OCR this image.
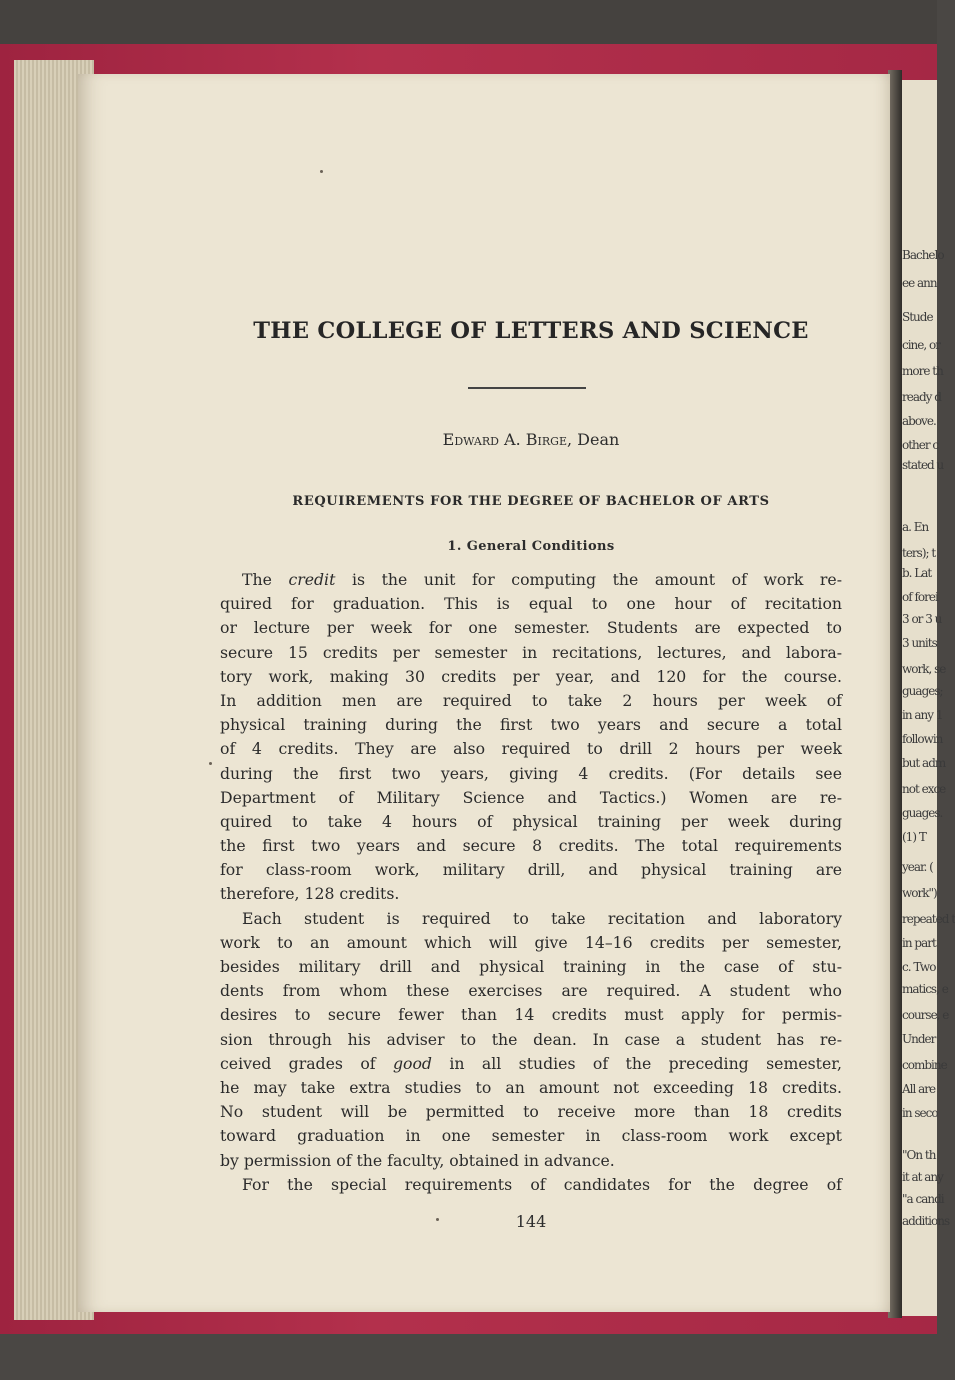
Bachelo
ee ann
Stude
cine, or
more th
ready d
above.
other c
stated u
a. En
ters); t
b. Lat
of forei
3 or 3 u
3 units
work, se
guages;
in any 1
followin
but adm
not exce
guages.
(1) T
year. (
work")
repeated t
in part
c. Two
matics, e
course, e
Under
combine
All are
in seco
"On th
it at any
"a candi
additions
THE COLLEGE OF LETTERS AND SCIENCE
Edward A. Birge, Dean
REQUIREMENTS FOR THE DEGREE OF BACHELOR OF ARTS
1. General Conditions
The credit is the unit for computing the amount of work re-
quired for graduation. This is equal to one hour of recitation
or lecture per week for one semester. Students are expected to
secure 15 credits per semester in recitations, lectures, and labora-
tory work, making 30 credits per year, and 120 for the course.
In addition men are required to take 2 hours per week of
physical training during the first two years and secure a total
of 4 credits. They are also required to drill 2 hours per week
during the first two years, giving 4 credits. (For details see
Department of Military Science and Tactics.) Women are re-
quired to take 4 hours of physical training per week during
the first two years and secure 8 credits. The total requirements
for class-room work, military drill, and physical training are
therefore, 128 credits.
Each student is required to take recitation and laboratory
work to an amount which will give 14–16 credits per semester,
besides military drill and physical training in the case of stu-
dents from whom these exercises are required. A student who
desires to secure fewer than 14 credits must apply for permis-
sion through his adviser to the dean. In case a student has re-
ceived grades of good in all studies of the preceding semester,
he may take extra studies to an amount not exceeding 18 credits.
No student will be permitted to receive more than 18 credits
toward graduation in one semester in class-room work except
by permission of the faculty, obtained in advance.
For the special requirements of candidates for the degree of
144
